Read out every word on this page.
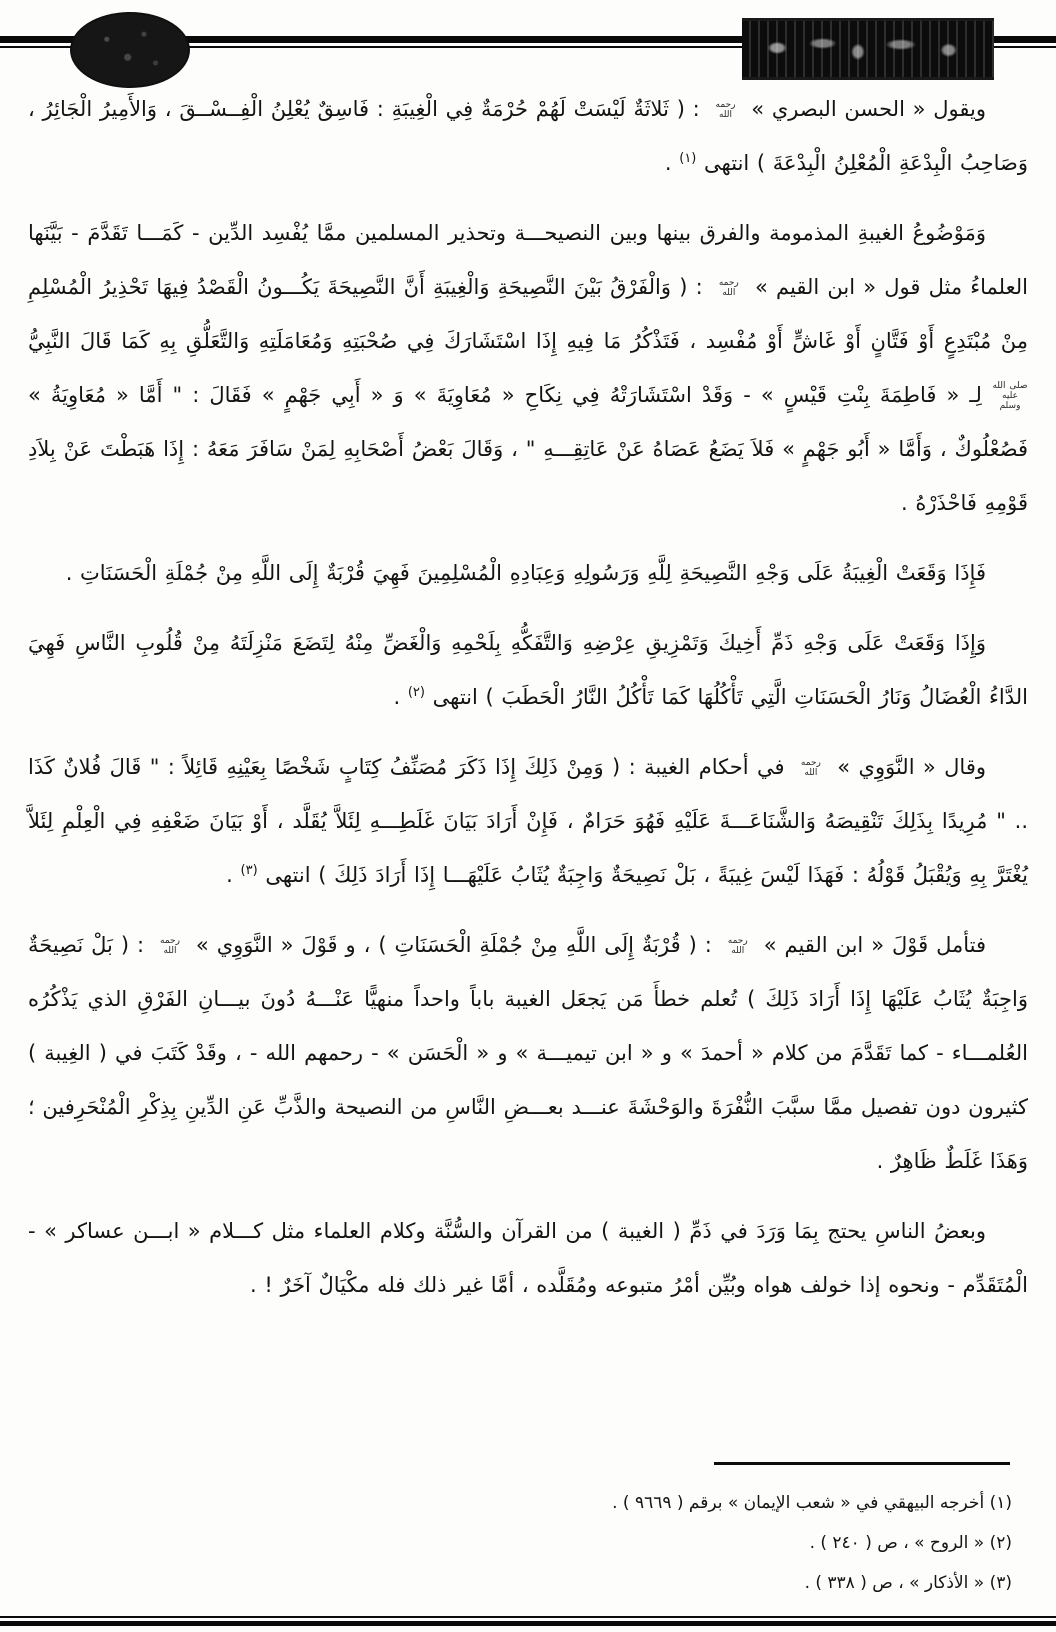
ويقول « الحسن البصري » رحمه الله : ( ثَلاثَةٌ لَيْسَتْ لَهُمْ حُرْمَةٌ فِي الْغِيبَةِ : فَاسِقٌ يُعْلِنُ الْفِــسْــقَ ، وَالأَمِيرُ الْجَائِرُ ، وَصَاحِبُ الْبِدْعَةِ الْمُعْلِنُ الْبِدْعَةَ ) انتهى $^{(١)}$ .

وَمَوْضُوعُ الغيبةِ المذمومة والفرق بينها وبين النصيحـــة وتحذير المسلمين ممَّا يُفْسِد الدِّين - كَمَـــا تَقَدَّمَ - بَيَّنَها العلماءُ مثل قول « ابن القيم » رحمه الله : ( وَالْفَرْقُ بَيْنَ النَّصِيحَةِ وَالْغِيبَةِ أَنَّ النَّصِيحَةَ يَكُـــونُ الْقَصْدُ فِيهَا تَحْذِيرُ الْمُسْلِمِ مِنْ مُبْتَدِعٍ أَوْ فَتَّانٍ أَوْ غَاشٍّ أَوْ مُفْسِد ، فَتَذْكُرُ مَا فِيهِ إِذَا اسْتَشَارَكَ فِي صُحْبَتِهِ وَمُعَامَلَتِهِ وَالتَّعَلُّقِ بِهِ كَمَا قَالَ النَّبِيُّ صلى الله عليه وسلم لِـ « فَاطِمَةَ بِنْتِ قَيْسٍ » - وَقَدْ اسْتَشَارَتْهُ فِي نِكَاحِ « مُعَاوِيَةَ » وَ « أَبِي جَهْمٍ » فَقَالَ : " أَمَّا « مُعَاوِيَةُ » فَصُعْلُوكٌ ، وَأَمَّا « أَبُو جَهْمٍ » فَلاَ يَضَعُ عَصَاهُ عَنْ عَاتِقِـــهِ " ، وَقَالَ بَعْضُ أَصْحَابِهِ لِمَنْ سَافَرَ مَعَهُ : إِذَا هَبَطْتَ عَنْ بِلاَدِ قَوْمِهِ فَاحْذَرْهُ .

فَإِذَا وَقَعَتْ الْغِيبَةُ عَلَى وَجْهِ النَّصِيحَةِ لِلَّهِ وَرَسُولِهِ وَعِبَادِهِ الْمُسْلِمِينَ فَهِيَ قُرْبَةٌ إِلَى اللَّهِ مِنْ جُمْلَةِ الْحَسَنَاتِ .

وَإِذَا وَقَعَتْ عَلَى وَجْهِ ذَمِّ أَخِيكَ وَتَمْزِيقِ عِرْضِهِ وَالتَّفَكُّهِ بِلَحْمِهِ وَالْغَضِّ مِنْهُ لِتَضَعَ مَنْزِلَتَهُ مِنْ قُلُوبِ النَّاسِ فَهِيَ الدَّاءُ الْعُضَالُ وَنَارُ الْحَسَنَاتِ الَّتِي تَأْكُلُهَا كَمَا تَأْكُلُ النَّارُ الْحَطَبَ ) انتهى $^{(٢)}$ .

وقال « النَّوَوِي » رحمه الله في أحكام الغيبة : ( وَمِنْ ذَلِكَ إِذَا ذَكَرَ مُصَنِّفُ كِتَابٍ شَخْصًا بِعَيْنِهِ قَائِلاً : " قَالَ فُلانٌ كَذَا .. " مُرِيدًا بِذَلِكَ تَنْقِيصَهُ وَالشَّنَاعَـــةَ عَلَيْهِ فَهُوَ حَرَامٌ ، فَإِنْ أَرَادَ بَيَانَ غَلَطِـــهِ لِئَلاَّ يُقَلَّد ، أَوْ بَيَانَ ضَعْفِهِ فِي الْعِلْمِ لِئَلاَّ يُغْتَرَّ بِهِ وَيُقْبَلُ قَوْلُهُ : فَهَذَا لَيْسَ غِيبَةً ، بَلْ نَصِيحَةٌ وَاجِبَةٌ يُثَابُ عَلَيْهَـــا إِذَا أَرَادَ ذَلِكَ ) انتهى $^{(٣)}$ .

فتأمل قَوْلَ « ابن القيم » رحمه الله : ( قُرْبَةٌ إِلَى اللَّهِ مِنْ جُمْلَةِ الْحَسَنَاتِ ) ، و قَوْلَ « النَّوَوِي » رحمه الله : ( بَلْ نَصِيحَةٌ وَاجِبَةٌ يُثَابُ عَلَيْهَا إِذَا أَرَادَ ذَلِكَ ) تُعلم خطأَ مَن يَجعَل الغيبة باباً واحداً منهيًّا عَنْـــهُ دُونَ بيـــانِ الفَرْقِ الذي يَذْكُرُه العُلمـــاء - كما تَقَدَّمَ من كلام « أحمدَ » و « ابن تيميـــة » و « الْحَسَن » - رحمهم الله - ، وقَدْ كَتَبَ في ( الغِيبة ) كثيرون دون تفصيل ممَّا سبَّبَ النُّفْرَةَ والوَحْشَةَ عنـــد بعـــضِ النَّاسِ من النصيحة والذَّبِّ عَنِ الدِّينِ بِذِكْرِ الْمُنْحَرِفين ؛ وَهَذَا غَلَطٌ ظَاهِرٌ .

وبعضُ الناسِ يحتج بِمَا وَرَدَ في ذَمِّ ( الغيبة ) من القرآن والسُّنَّة وكلام العلماء مثل كـــلام « ابـــن عساكر » - الْمُتَقَدِّم - ونحوه إذا خولف هواه وبُيِّن أمْرُ متبوعه ومُقَلَّده ، أمَّا غير ذلك فله مكْيَالٌ آخَرٌ ! .

(١) أخرجه البيهقي في « شعب الإيمان » برقم ( ٩٦٦٩ ) .
(٢) « الروح » ، ص ( ٢٤٠ ) .
(٣) « الأذكار » ، ص ( ٣٣٨ ) .
